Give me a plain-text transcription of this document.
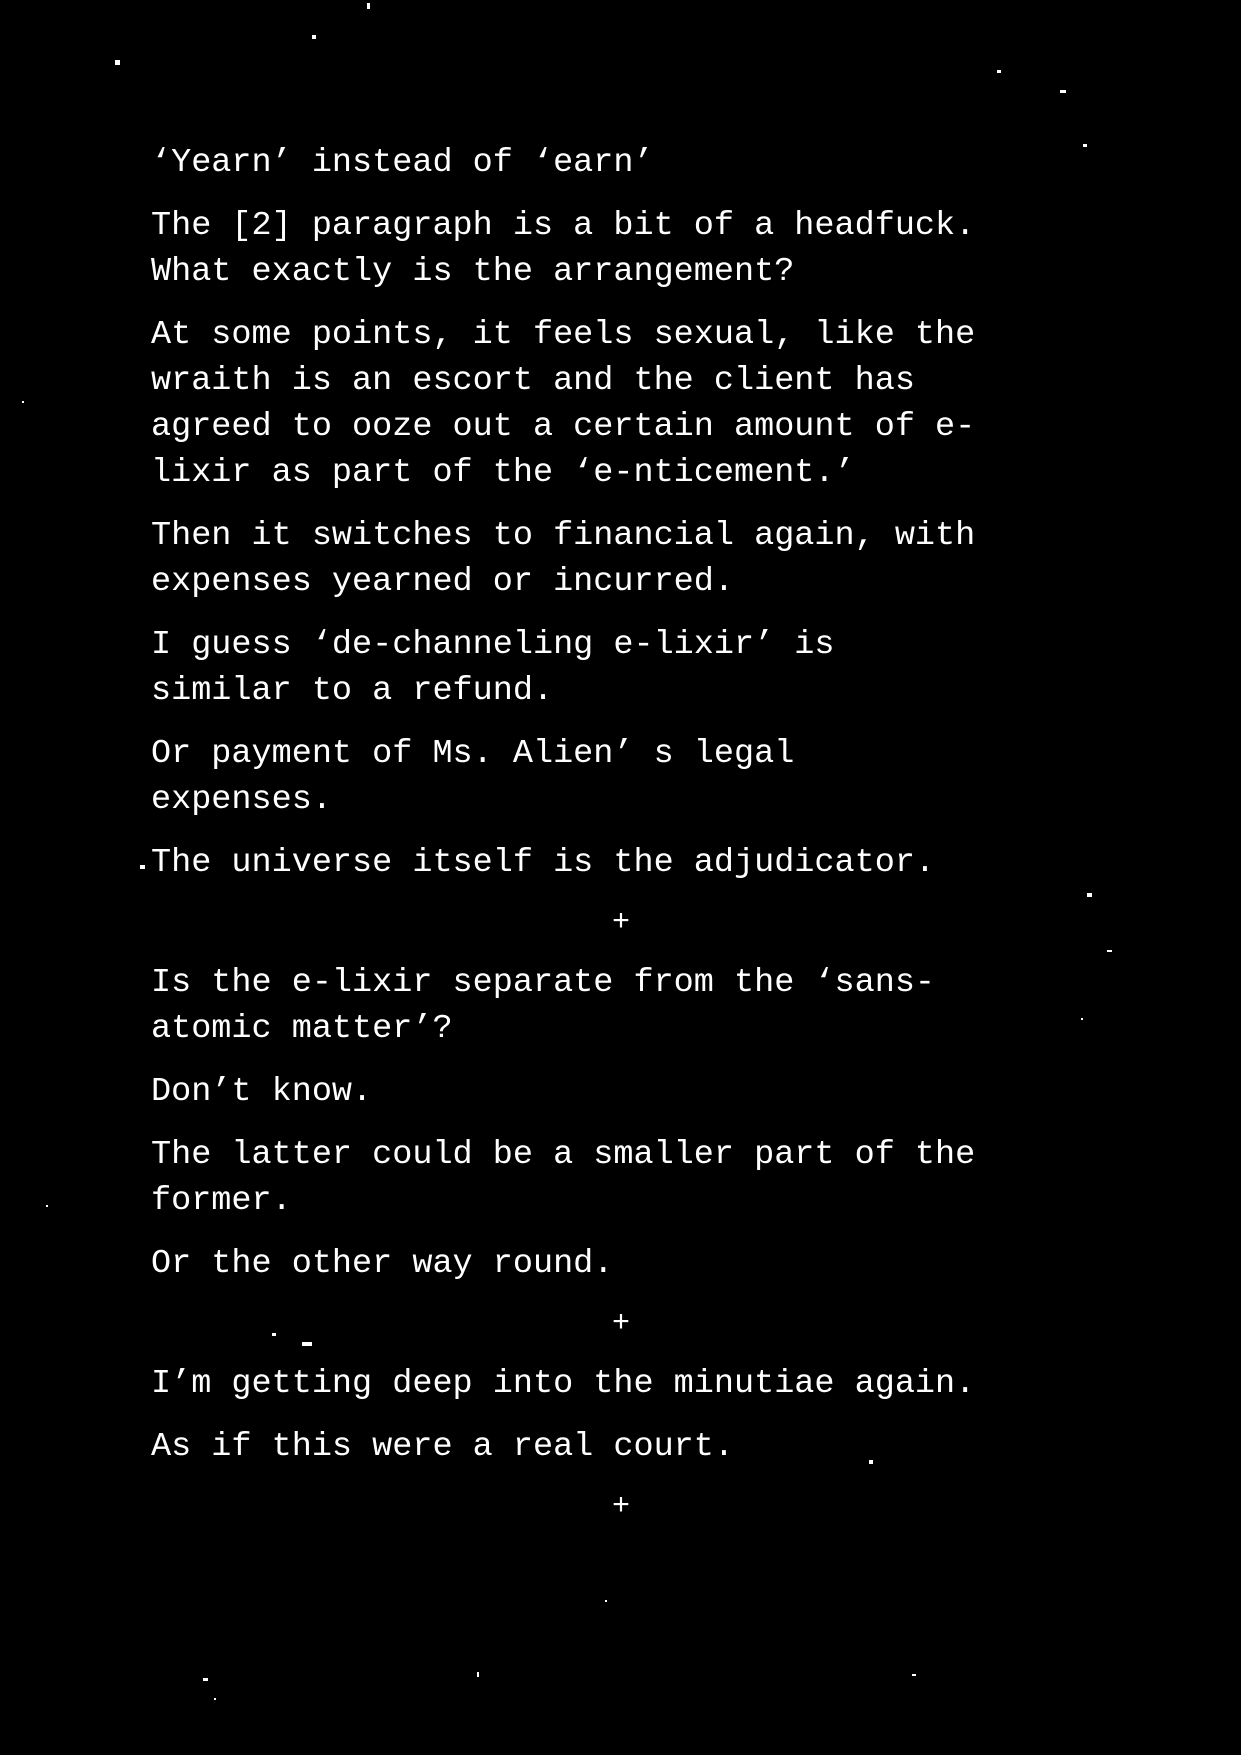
‘Yearn’ instead of ‘earn’

The [2] paragraph is a bit of a headfuck.
What exactly is the arrangement?

At some points, it feels sexual, like the
wraith is an escort and the client has
agreed to ooze out a certain amount of e-
lixir as part of the ‘e-nticement.’

Then it switches to financial again, with
expenses yearned or incurred.

I guess ‘de-channeling e-lixir’ is
similar to a refund.

Or payment of Ms. Alien’ s legal
expenses.

The universe itself is the adjudicator.

+

Is the e-lixir separate from the ‘sans-
atomic matter’?

Don’t know.

The latter could be a smaller part of the
former.

Or the other way round.

+

I’m getting deep into the minutiae again.

As if this were a real court.

+
